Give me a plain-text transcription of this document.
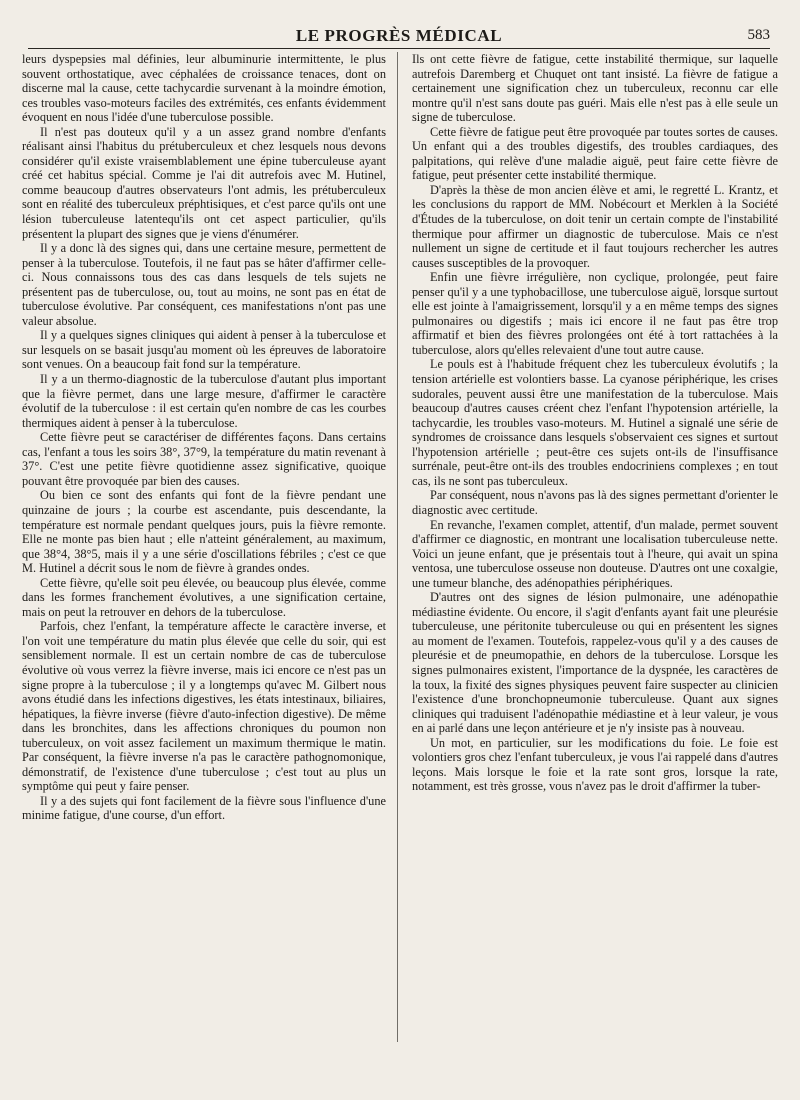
LE PROGRÈS MÉDICAL	583

leurs dyspepsies mal définies, leur albuminurie intermittente, le plus souvent orthostatique, avec céphalées de croissance tenaces, dont on discerne mal la cause, cette tachycardie survenant à la moindre émotion, ces troubles vaso-moteurs faciles des extrémités, ces enfants évidemment évoquent en nous l'idée d'une tuberculose possible.

Il n'est pas douteux qu'il y a un assez grand nombre d'enfants réalisant ainsi l'habitus du prétuberculeux et chez lesquels nous devons considérer qu'il existe vraisemblablement une épine tuberculeuse ayant créé cet habitus spécial. Comme je l'ai dit autrefois avec M. Hutinel, comme beaucoup d'autres observateurs l'ont admis, les prétuberculeux sont en réalité des tuberculeux préphtisiques, et c'est parce qu'ils ont une lésion tuberculeuse latentequ'ils ont cet aspect particulier, qu'ils présentent la plupart des signes que je viens d'énumérer.

Il y a donc là des signes qui, dans une certaine mesure, permettent de penser à la tuberculose. Toutefois, il ne faut pas se hâter d'affirmer celle-ci. Nous connaissons tous des cas dans lesquels de tels sujets ne présentent pas de tuberculose, ou, tout au moins, ne sont pas en état de tuberculose évolutive. Par conséquent, ces manifestations n'ont pas une valeur absolue.

Il y a quelques signes cliniques qui aident à penser à la tuberculose et sur lesquels on se basait jusqu'au moment où les épreuves de laboratoire sont venues. On a beaucoup fait fond sur la température.

Il y a un thermo-diagnostic de la tuberculose d'autant plus important que la fièvre permet, dans une large mesure, d'affirmer le caractère évolutif de la tuberculose : il est certain qu'en nombre de cas les courbes thermiques aident à penser à la tuberculose.

Cette fièvre peut se caractériser de différentes façons. Dans certains cas, l'enfant a tous les soirs 38°, 37°9, la température du matin revenant à 37°. C'est une petite fièvre quotidienne assez significative, quoique pouvant être provoquée par bien des causes.

Ou bien ce sont des enfants qui font de la fièvre pendant une quinzaine de jours ; la courbe est ascendante, puis descendante, la température est normale pendant quelques jours, puis la fièvre remonte. Elle ne monte pas bien haut ; elle n'atteint généralement, au maximum, que 38°4, 38°5, mais il y a une série d'oscillations fébriles ; c'est ce que M. Hutinel a décrit sous le nom de fièvre à grandes ondes.

Cette fièvre, qu'elle soit peu élevée, ou beaucoup plus élevée, comme dans les formes franchement évolutives, a une signification certaine, mais on peut la retrouver en dehors de la tuberculose.

Parfois, chez l'enfant, la température affecte le caractère inverse, et l'on voit une température du matin plus élevée que celle du soir, qui est sensiblement normale. Il est un certain nombre de cas de tuberculose évolutive où vous verrez la fièvre inverse, mais ici encore ce n'est pas un signe propre à la tuberculose ; il y a longtemps qu'avec M. Gilbert nous avons étudié dans les infections digestives, les états intestinaux, biliaires, hépatiques, la fièvre inverse (fièvre d'auto-infection digestive). De même dans les bronchites, dans les affections chroniques du poumon non tuberculeux, on voit assez facilement un maximum thermique le matin. Par conséquent, la fièvre inverse n'a pas le caractère pathognomonique, démonstratif, de l'existence d'une tuberculose ; c'est tout au plus un symptôme qui peut y faire penser.

Il y a des sujets qui font facilement de la fièvre sous l'influence d'une minime fatigue, d'une course, d'un effort.

Ils ont cette fièvre de fatigue, cette instabilité thermique, sur laquelle autrefois Daremberg et Chuquet ont tant insisté. La fièvre de fatigue a certainement une signification chez un tuberculeux, reconnu car elle montre qu'il n'est sans doute pas guéri. Mais elle n'est pas à elle seule un signe de tuberculose.

Cette fièvre de fatigue peut être provoquée par toutes sortes de causes. Un enfant qui a des troubles digestifs, des troubles cardiaques, des palpitations, qui relève d'une maladie aiguë, peut faire cette fièvre de fatigue, peut présenter cette instabilité thermique.

D'après la thèse de mon ancien élève et ami, le regretté L. Krantz, et les conclusions du rapport de MM. Nobécourt et Merklen à la Société d'Études de la tuberculose, on doit tenir un certain compte de l'instabilité thermique pour affirmer un diagnostic de tuberculose. Mais ce n'est nullement un signe de certitude et il faut toujours rechercher les autres causes susceptibles de la provoquer.

Enfin une fièvre irrégulière, non cyclique, prolongée, peut faire penser qu'il y a une typhobacillose, une tuberculose aiguë, lorsque surtout elle est jointe à l'amaigrissement, lorsqu'il y a en même temps des signes pulmonaires ou digestifs ; mais ici encore il ne faut pas être trop affirmatif et bien des fièvres prolongées ont été à tort rattachées à la tuberculose, alors qu'elles relevaient d'une tout autre cause.

Le pouls est à l'habitude fréquent chez les tuberculeux évolutifs ; la tension artérielle est volontiers basse. La cyanose périphérique, les crises sudorales, peuvent aussi être une manifestation de la tuberculose. Mais beaucoup d'autres causes créent chez l'enfant l'hypotension artérielle, la tachycardie, les troubles vaso-moteurs. M. Hutinel a signalé une série de syndromes de croissance dans lesquels s'observaient ces signes et surtout l'hypotension artérielle ; peut-être ces sujets ont-ils de l'insuffisance surrénale, peut-être ont-ils des troubles endocriniens complexes ; en tout cas, ils ne sont pas tuberculeux.

Par conséquent, nous n'avons pas là des signes permettant d'orienter le diagnostic avec certitude.

En revanche, l'examen complet, attentif, d'un malade, permet souvent d'affirmer ce diagnostic, en montrant une localisation tuberculeuse nette. Voici un jeune enfant, que je présentais tout à l'heure, qui avait un spina ventosa, une tuberculose osseuse non douteuse. D'autres ont une coxalgie, une tumeur blanche, des adénopathies périphériques.

D'autres ont des signes de lésion pulmonaire, une adénopathie médiastine évidente. Ou encore, il s'agit d'enfants ayant fait une pleurésie tuberculeuse, une péritonite tuberculeuse ou qui en présentent les signes au moment de l'examen. Toutefois, rappelez-vous qu'il y a des causes de pleurésie et de pneumopathie, en dehors de la tuberculose. Lorsque les signes pulmonaires existent, l'importance de la dyspnée, les caractères de la toux, la fixité des signes physiques peuvent faire suspecter au clinicien l'existence d'une bronchopneumonie tuberculeuse. Quant aux signes cliniques qui traduisent l'adénopathie médiastine et à leur valeur, je vous en ai parlé dans une leçon antérieure et je n'y insiste pas à nouveau.

Un mot, en particulier, sur les modifications du foie. Le foie est volontiers gros chez l'enfant tuberculeux, je vous l'ai rappelé dans d'autres leçons. Mais lorsque le foie et la rate sont gros, lorsque la rate, notamment, est très grosse, vous n'avez pas le droit d'affirmer la tuber-
